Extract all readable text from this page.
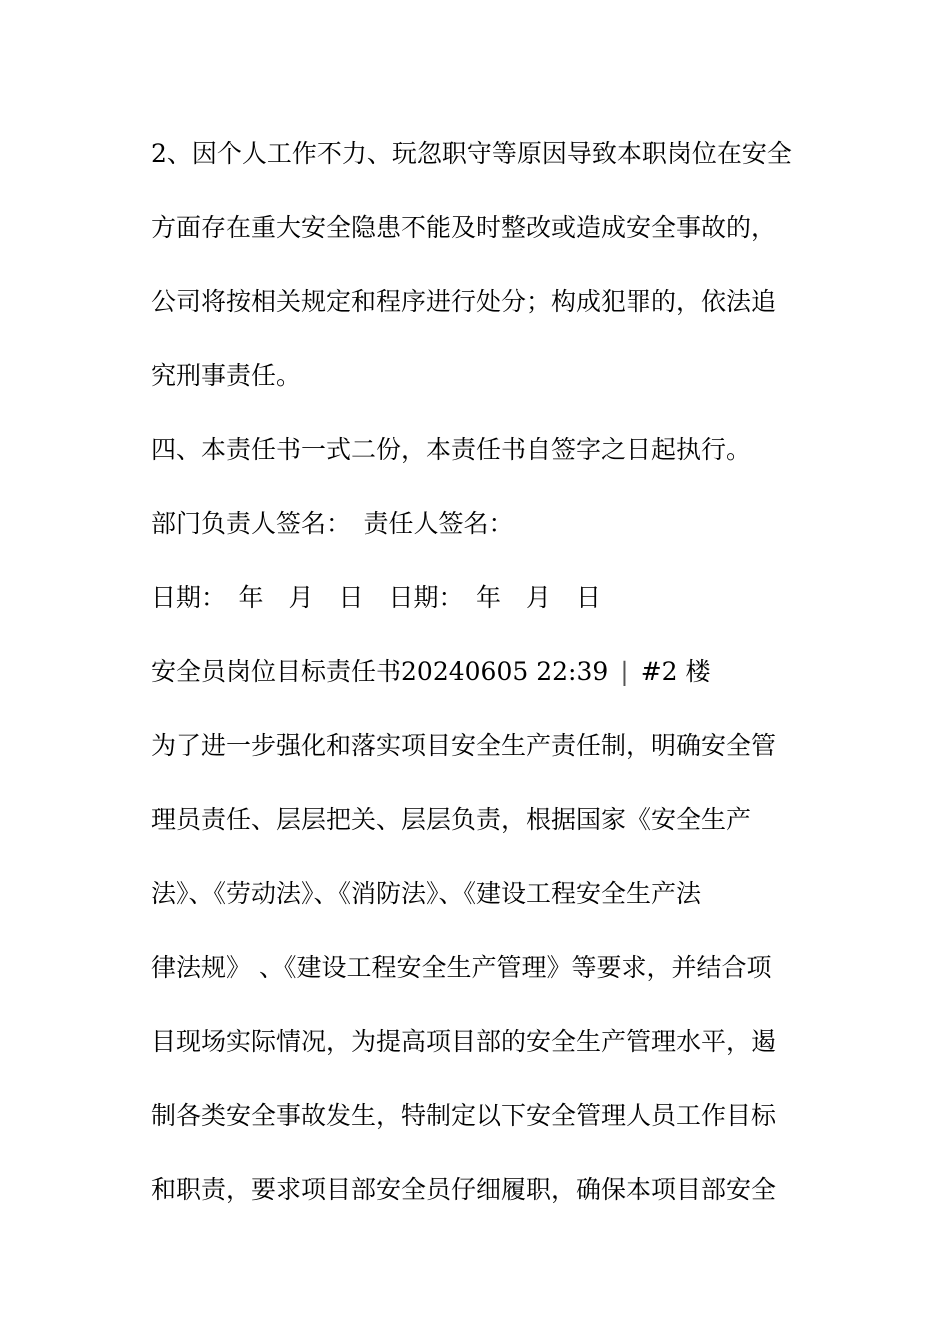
2、因个人工作不力、玩忽职守等原因导致本职岗位在安全
方面存在重大安全隐患不能及时整改或造成安全事故的，
公司将按相关规定和程序进行处分；构成犯罪的，依法追
究刑事责任。
四、本责任书一式二份，本责任书自签字之日起执行。
部门负责人签名：　责任人签名：
日期：　年　月　日　日期：　年　月　日
安全员岗位目标责任书20240605 22:39 | #2 楼
为了进一步强化和落实项目安全生产责任制，明确安全管
理员责任、层层把关、层层负责，根据国家《安全生产
法》、《劳动法》、《消防法》、《建设工程安全生产法
律法规》 、《建设工程安全生产管理》等要求，并结合项
目现场实际情况，为提高项目部的安全生产管理水平，遏
制各类安全事故发生，特制定以下安全管理人员工作目标
和职责，要求项目部安全员仔细履职，确保本项目部安全
